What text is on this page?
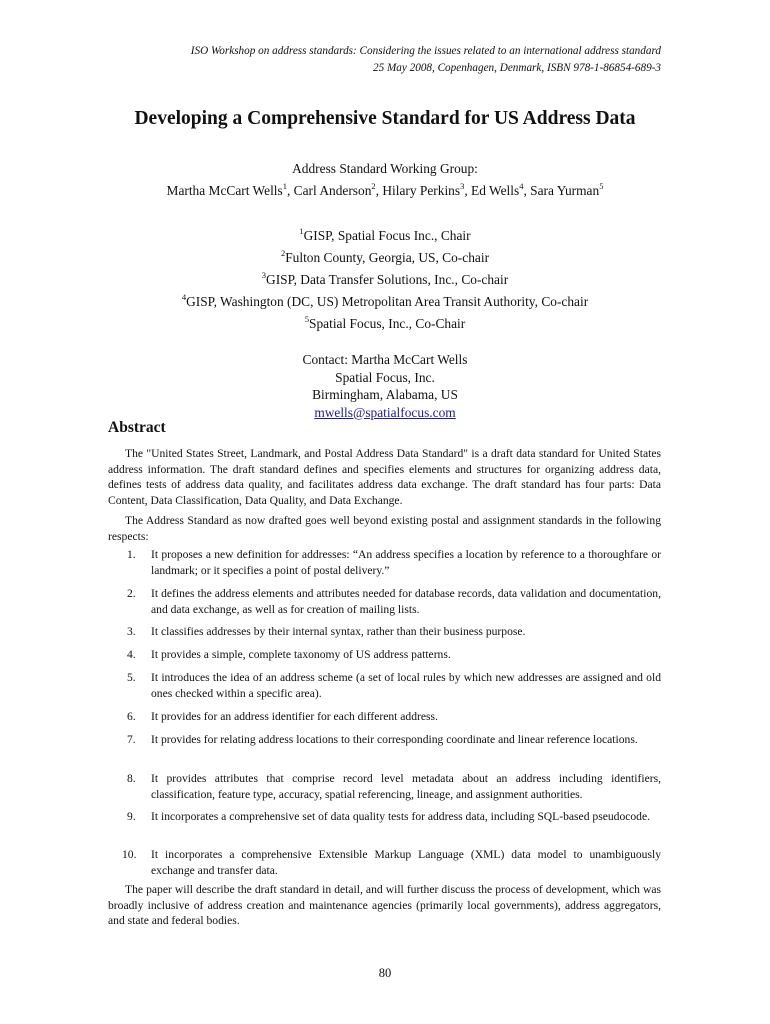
ISO Workshop on address standards: Considering the issues related to an international address standard
25 May 2008, Copenhagen, Denmark, ISBN 978-1-86854-689-3
Developing a Comprehensive Standard for US Address Data
Address Standard Working Group:
Martha McCart Wells$^1$, Carl Anderson$^2$, Hilary Perkins$^3$, Ed Wells$^4$, Sara Yurman$^5$
$^1$GISP, Spatial Focus Inc., Chair
$^2$Fulton County, Georgia, US, Co-chair
$^3$GISP, Data Transfer Solutions, Inc., Co-chair
$^4$GISP, Washington (DC, US) Metropolitan Area Transit Authority, Co-chair
$^5$Spatial Focus, Inc., Co-Chair
Contact: Martha McCart Wells
Spatial Focus, Inc.
Birmingham, Alabama, US
mwells@spatialfocus.com
Abstract
The "United States Street, Landmark, and Postal Address Data Standard" is a draft data standard for United States address information. The draft standard defines and specifies elements and structures for organizing address data, defines tests of address data quality, and facilitates address data exchange. The draft standard has four parts: Data Content, Data Classification, Data Quality, and Data Exchange.
The Address Standard as now drafted goes well beyond existing postal and assignment standards in the following respects:
1.	It proposes a new definition for addresses: “An address specifies a location by reference to a thoroughfare or landmark; or it specifies a point of postal delivery.”
2.	It defines the address elements and attributes needed for database records, data validation and documentation, and data exchange, as well as for creation of mailing lists.
3.	It classifies addresses by their internal syntax, rather than their business purpose.
4.	It provides a simple, complete taxonomy of US address patterns.
5.	It introduces the idea of an address scheme (a set of local rules by which new addresses are assigned and old ones checked within a specific area).
6.	It provides for an address identifier for each different address.
7.	It provides for relating address locations to their corresponding coordinate and linear reference locations.
8.	It provides attributes that comprise record level metadata about an address including identifiers, classification, feature type, accuracy, spatial referencing, lineage, and assignment authorities.
9.	It incorporates a comprehensive set of data quality tests for address data, including SQL-based pseudocode.
10.	It incorporates a comprehensive Extensible Markup Language (XML) data model to unambiguously exchange and transfer data.
The paper will describe the draft standard in detail, and will further discuss the process of development, which was broadly inclusive of address creation and maintenance agencies (primarily local governments), address aggregators, and state and federal bodies.
80
